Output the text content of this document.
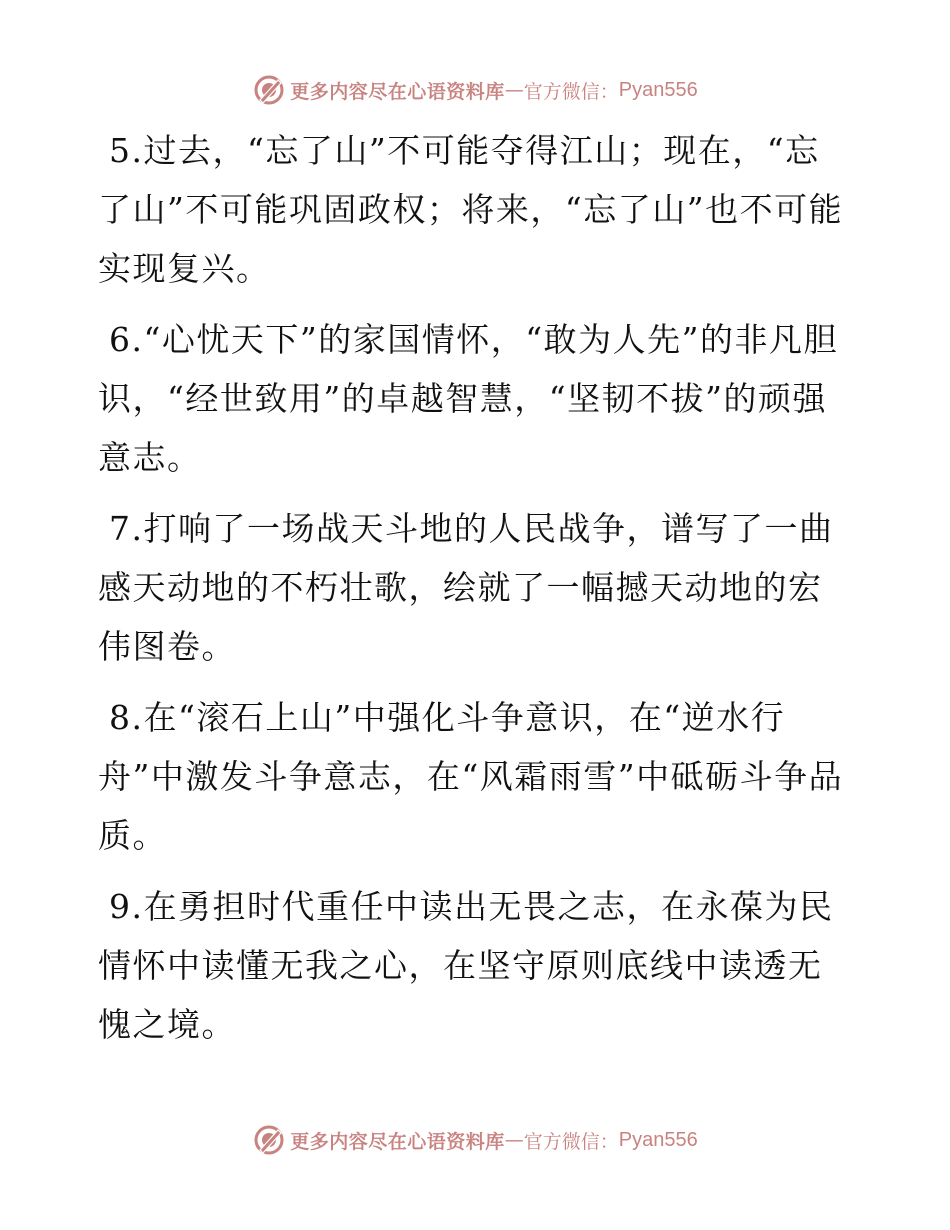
更多内容尽在心语资料库 — 官方微信： Pyan556

5.过去，“忘了山”不可能夺得江山；现在，“忘了山”不可能巩固政权；将来，“忘了山”也不可能实现复兴。

6.“心忧天下”的家国情怀，“敢为人先”的非凡胆识，“经世致用”的卓越智慧，“坚韧不拔”的顽强意志。

7.打响了一场战天斗地的人民战争，谱写了一曲感天动地的不朽壮歌，绘就了一幅撼天动地的宏伟图卷。

8.在“滚石上山”中强化斗争意识，在“逆水行舟”中激发斗争意志，在“风霜雨雪”中砥砺斗争品质。

9.在勇担时代重任中读出无畏之志，在永葆为民情怀中读懂无我之心，在坚守原则底线中读透无愧之境。

更多内容尽在心语资料库 — 官方微信： Pyan556
